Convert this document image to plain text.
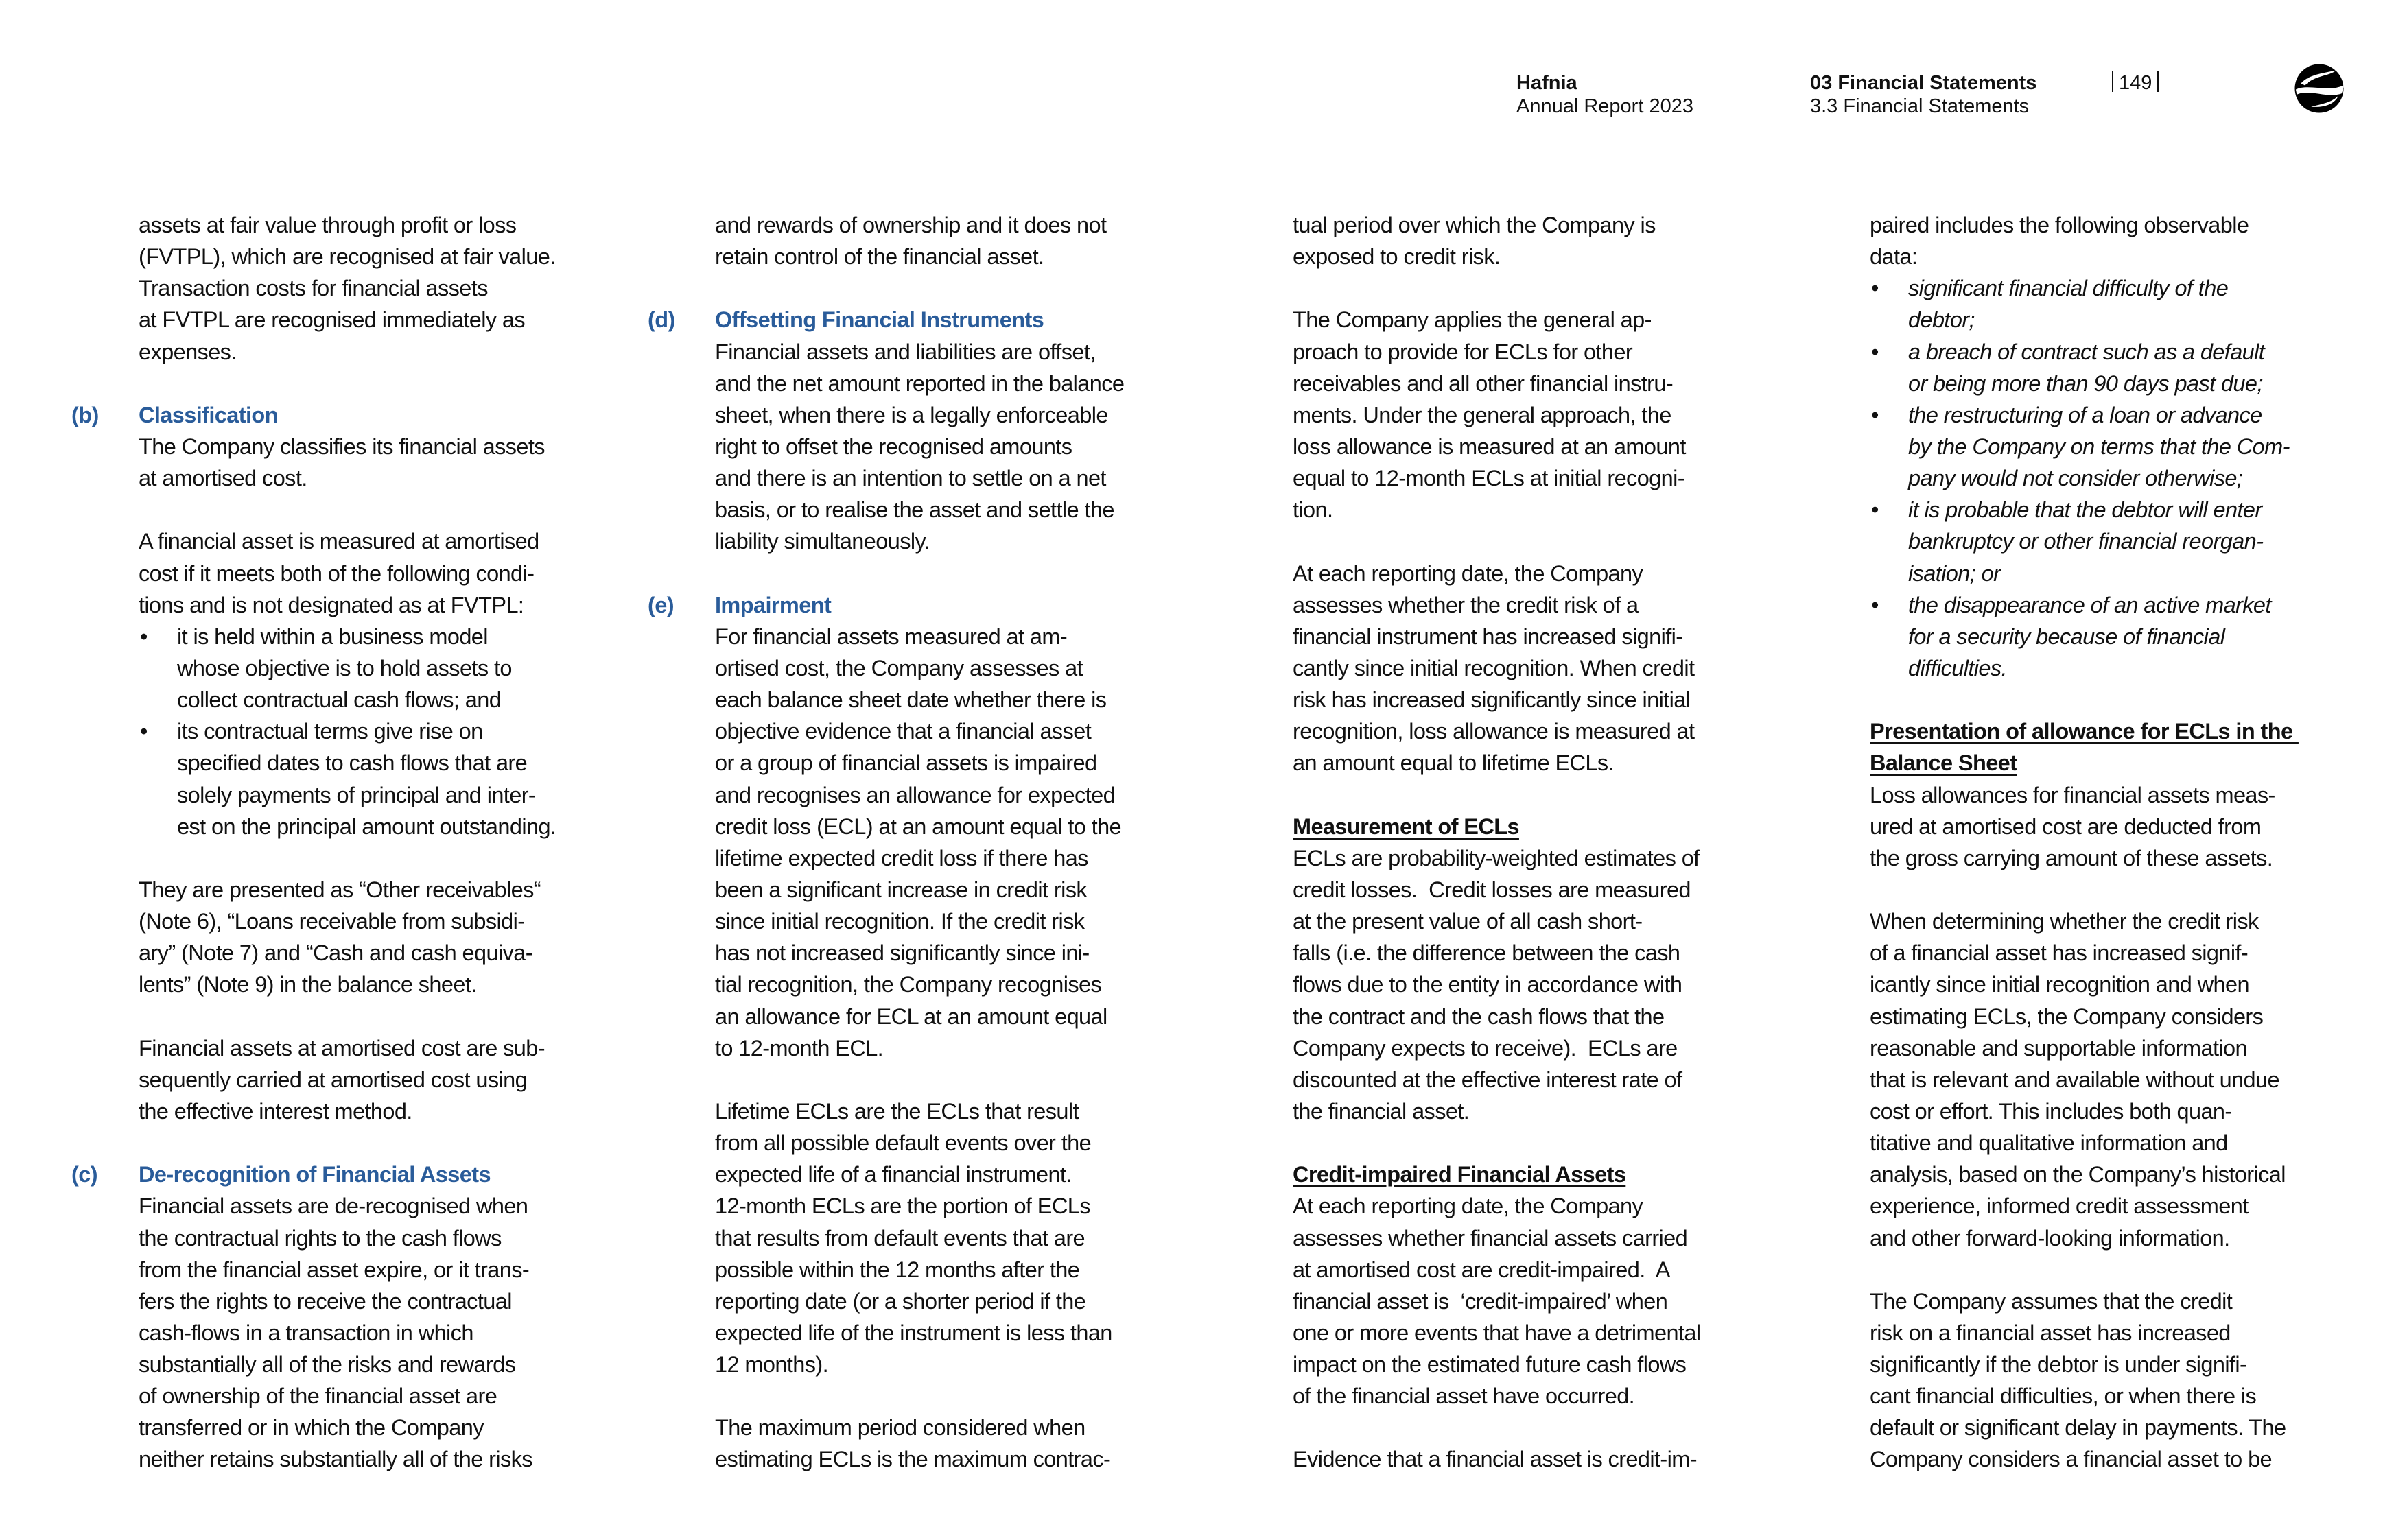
Hafnia
Annual Report 2023
03 Financial Statements
3.3 Financial Statements
149
assets at fair value through profit or loss
(FVTPL), which are recognised at fair value.
Transaction costs for financial assets
at FVTPL are recognised immediately as
expenses.
(b) Classification
The Company classifies its financial assets
at amortised cost.
A financial asset is measured at amortised
cost if it meets both of the following condi-
tions and is not designated as at FVTPL:
• it is held within a business model
whose objective is to hold assets to
collect contractual cash flows; and
• its contractual terms give rise on
specified dates to cash flows that are
solely payments of principal and inter-
est on the principal amount outstanding.
They are presented as “Other receivables“
(Note 6), “Loans receivable from subsidi-
ary” (Note 7) and “Cash and cash equiva-
lents” (Note 9) in the balance sheet.
Financial assets at amortised cost are sub-
sequently carried at amortised cost using
the effective interest method.
(c) De-recognition of Financial Assets
Financial assets are de-recognised when
the contractual rights to the cash flows
from the financial asset expire, or it trans-
fers the rights to receive the contractual
cash-flows in a transaction in which
substantially all of the risks and rewards
of ownership of the financial asset are
transferred or in which the Company
neither retains substantially all of the risks
and rewards of ownership and it does not
retain control of the financial asset.
(d) Offsetting Financial Instruments
Financial assets and liabilities are offset,
and the net amount reported in the balance
sheet, when there is a legally enforceable
right to offset the recognised amounts
and there is an intention to settle on a net
basis, or to realise the asset and settle the
liability simultaneously.
(e) Impairment
For financial assets measured at am-
ortised cost, the Company assesses at
each balance sheet date whether there is
objective evidence that a financial asset
or a group of financial assets is impaired
and recognises an allowance for expected
credit loss (ECL) at an amount equal to the
lifetime expected credit loss if there has
been a significant increase in credit risk
since initial recognition. If the credit risk
has not increased significantly since ini-
tial recognition, the Company recognises
an allowance for ECL at an amount equal
to 12-month ECL.
Lifetime ECLs are the ECLs that result
from all possible default events over the
expected life of a financial instrument.
12-month ECLs are the portion of ECLs
that results from default events that are
possible within the 12 months after the
reporting date (or a shorter period if the
expected life of the instrument is less than
12 months).
The maximum period considered when
estimating ECLs is the maximum contrac-
tual period over which the Company is
exposed to credit risk.
The Company applies the general ap-
proach to provide for ECLs for other
receivables and all other financial instru-
ments. Under the general approach, the
loss allowance is measured at an amount
equal to 12-month ECLs at initial recogni-
tion.
At each reporting date, the Company
assesses whether the credit risk of a
financial instrument has increased signifi-
cantly since initial recognition. When credit
risk has increased significantly since initial
recognition, loss allowance is measured at
an amount equal to lifetime ECLs.
Measurement of ECLs
ECLs are probability-weighted estimates of
credit losses.  Credit losses are measured
at the present value of all cash short-
falls (i.e. the difference between the cash
flows due to the entity in accordance with
the contract and the cash flows that the
Company expects to receive).  ECLs are
discounted at the effective interest rate of
the financial asset.
Credit-impaired Financial Assets
At each reporting date, the Company
assesses whether financial assets carried
at amortised cost are credit-impaired.  A
financial asset is  ‘credit-impaired’ when
one or more events that have a detrimental
impact on the estimated future cash flows
of the financial asset have occurred.
Evidence that a financial asset is credit-im-
paired includes the following observable
data:
• significant financial difficulty of the
debtor;
• a breach of contract such as a default
or being more than 90 days past due;
• the restructuring of a loan or advance
by the Company on terms that the Com-
pany would not consider otherwise;
• it is probable that the debtor will enter
bankruptcy or other financial reorgan-
isation; or
• the disappearance of an active market
for a security because of financial
difficulties.
Presentation of allowance for ECLs in the
Balance Sheet
Loss allowances for financial assets meas-
ured at amortised cost are deducted from
the gross carrying amount of these assets.
When determining whether the credit risk
of a financial asset has increased signif-
icantly since initial recognition and when
estimating ECLs, the Company considers
reasonable and supportable information
that is relevant and available without undue
cost or effort. This includes both quan-
titative and qualitative information and
analysis, based on the Company’s historical
experience, informed credit assessment
and other forward-looking information.
The Company assumes that the credit
risk on a financial asset has increased
significantly if the debtor is under signifi-
cant financial difficulties, or when there is
default or significant delay in payments. The
Company considers a financial asset to be
